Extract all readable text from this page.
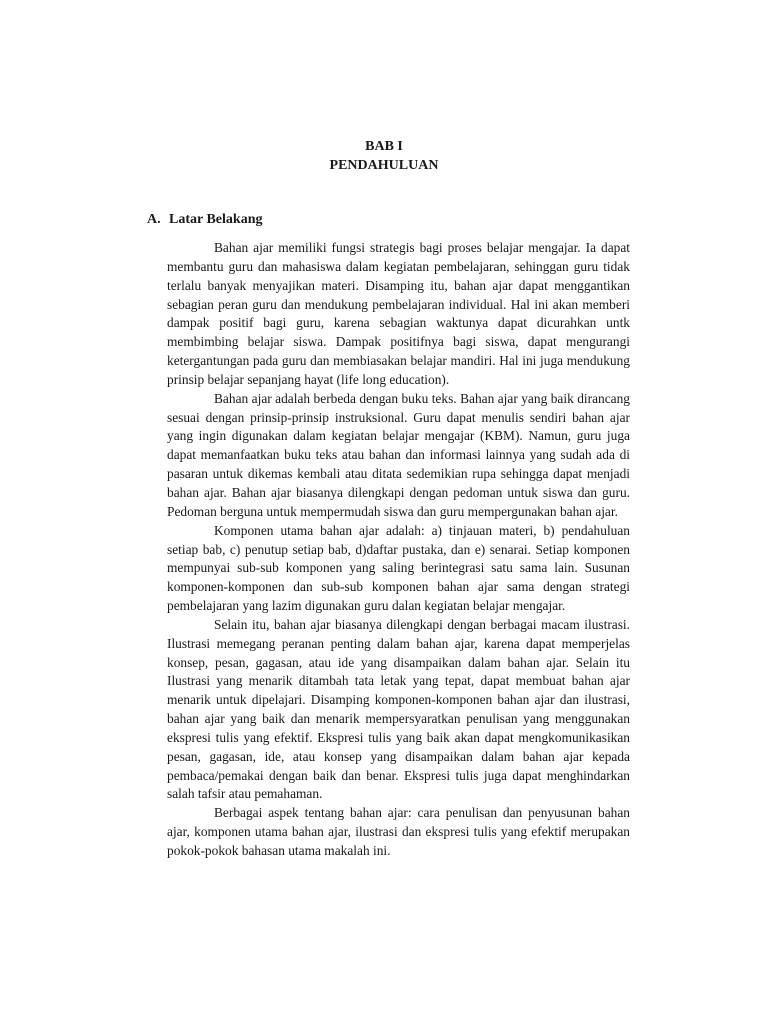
BAB I
PENDAHULUAN
A. Latar Belakang

Bahan ajar memiliki fungsi strategis bagi proses belajar mengajar. Ia dapat membantu guru dan mahasiswa dalam kegiatan pembelajaran, sehinggan guru tidak terlalu banyak menyajikan materi. Disamping itu, bahan ajar dapat menggantikan sebagian peran guru dan mendukung pembelajaran individual. Hal ini akan memberi dampak positif bagi guru, karena sebagian waktunya dapat dicurahkan untk membimbing belajar siswa. Dampak positifnya bagi siswa, dapat mengurangi ketergantungan pada guru dan membiasakan belajar mandiri. Hal ini juga mendukung prinsip belajar sepanjang hayat (life long education).

Bahan ajar adalah berbeda dengan buku teks. Bahan ajar yang baik dirancang sesuai dengan prinsip-prinsip instruksional. Guru dapat menulis sendiri bahan ajar yang ingin digunakan dalam kegiatan belajar mengajar (KBM). Namun, guru juga dapat memanfaatkan buku teks atau bahan dan informasi lainnya yang sudah ada di pasaran untuk dikemas kembali atau ditata sedemikian rupa sehingga dapat menjadi bahan ajar. Bahan ajar biasanya dilengkapi dengan pedoman untuk siswa dan guru. Pedoman berguna untuk mempermudah siswa dan guru mempergunakan bahan ajar.

Komponen utama bahan ajar adalah: a) tinjauan materi, b) pendahuluan setiap bab, c) penutup setiap bab, d)daftar pustaka, dan e) senarai. Setiap komponen mempunyai sub-sub komponen yang saling berintegrasi satu sama lain. Susunan komponen-komponen dan sub-sub komponen bahan ajar sama dengan strategi pembelajaran yang lazim digunakan guru dalan kegiatan belajar mengajar.

Selain itu, bahan ajar biasanya dilengkapi dengan berbagai macam ilustrasi. Ilustrasi memegang peranan penting dalam bahan ajar, karena dapat memperjelas konsep, pesan, gagasan, atau ide yang disampaikan dalam bahan ajar. Selain itu Ilustrasi yang menarik ditambah tata letak yang tepat, dapat membuat bahan ajar menarik untuk dipelajari. Disamping komponen-komponen bahan ajar dan ilustrasi, bahan ajar yang baik dan menarik mempersyaratkan penulisan yang menggunakan ekspresi tulis yang efektif. Ekspresi tulis yang baik akan dapat mengkomunikasikan pesan, gagasan, ide, atau konsep yang disampaikan dalam bahan ajar kepada pembaca/pemakai dengan baik dan benar. Ekspresi tulis juga dapat menghindarkan salah tafsir atau pemahaman.

Berbagai aspek tentang bahan ajar: cara penulisan dan penyusunan bahan ajar, komponen utama bahan ajar, ilustrasi dan ekspresi tulis yang efektif merupakan pokok-pokok bahasan utama makalah ini.
